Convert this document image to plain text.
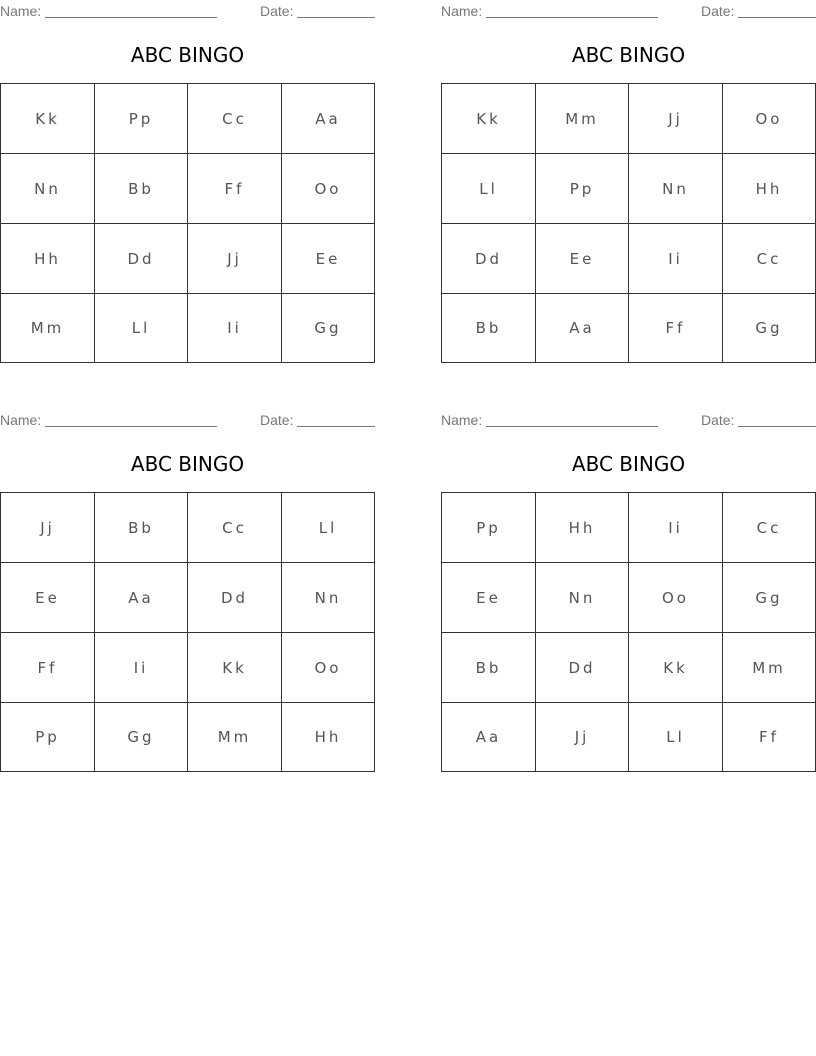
Name:	Date:
ABC BINGO
Kk	Pp	Cc	Aa
Nn	Bb	Ff	Oo
Hh	Dd	Jj	Ee
Mm	Ll	Ii	Gg
Name:	Date:
ABC BINGO
Kk	Mm	Jj	Oo
Ll	Pp	Nn	Hh
Dd	Ee	Ii	Cc
Bb	Aa	Ff	Gg
Name:	Date:
ABC BINGO
Jj	Bb	Cc	Ll
Ee	Aa	Dd	Nn
Ff	Ii	Kk	Oo
Pp	Gg	Mm	Hh
Name:	Date:
ABC BINGO
Pp	Hh	Ii	Cc
Ee	Nn	Oo	Gg
Bb	Dd	Kk	Mm
Aa	Jj	Ll	Ff
